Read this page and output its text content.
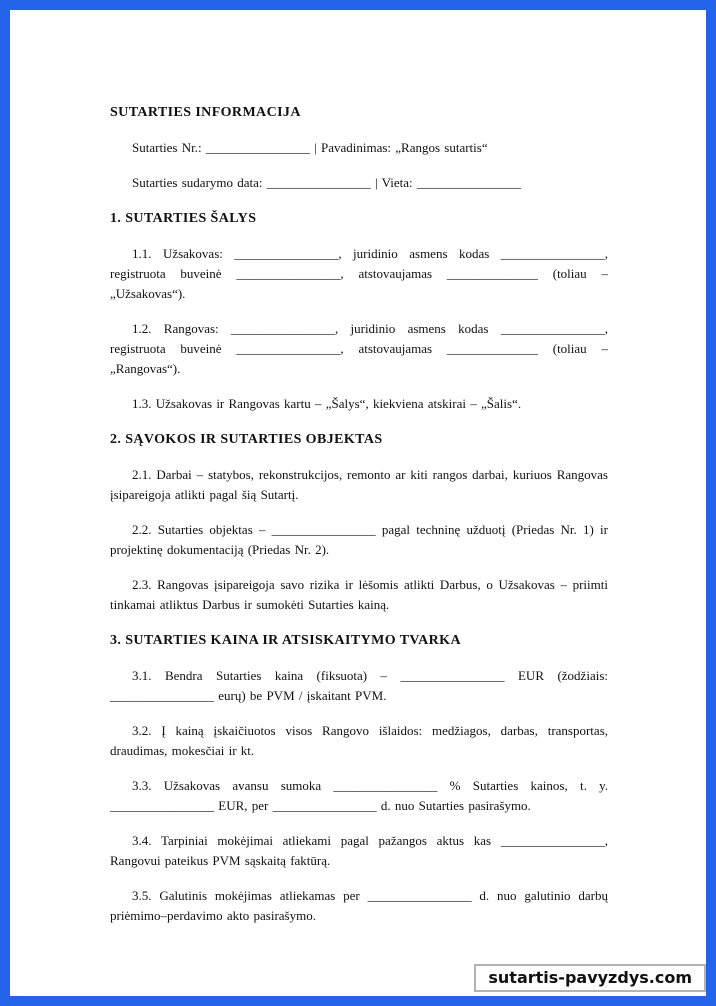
SUTARTIES INFORMACIJA

Sutarties Nr.: ________________ | Pavadinimas: „Rangos sutartis“

Sutarties sudarymo data: ________________ | Vieta: ________________

1. SUTARTIES ŠALYS

1.1. Užsakovas: ________________, juridinio asmens kodas ________________, registruota buveinė ________________, atstovaujamas ______________ (toliau – „Užsakovas“).

1.2. Rangovas: ________________, juridinio asmens kodas ________________, registruota buveinė ________________, atstovaujamas ______________ (toliau – „Rangovas“).

1.3. Užsakovas ir Rangovas kartu – „Šalys“, kiekviena atskirai – „Šalis“.

2. SĄVOKOS IR SUTARTIES OBJEKTAS

2.1. Darbai – statybos, rekonstrukcijos, remonto ar kiti rangos darbai, kuriuos Rangovas įsipareigoja atlikti pagal šią Sutartį.

2.2. Sutarties objektas – ________________ pagal techninę užduotį (Priedas Nr. 1) ir projektinę dokumentaciją (Priedas Nr. 2).

2.3. Rangovas įsipareigoja savo rizika ir lėšomis atlikti Darbus, o Užsakovas – priimti tinkamai atliktus Darbus ir sumokėti Sutarties kainą.

3. SUTARTIES KAINA IR ATSISKAITYMO TVARKA

3.1. Bendra Sutarties kaina (fiksuota) – ________________ EUR (žodžiais: ________________ eurų) be PVM / įskaitant PVM.

3.2. Į kainą įskaičiuotos visos Rangovo išlaidos: medžiagos, darbas, transportas, draudimas, mokesčiai ir kt.

3.3. Užsakovas avansu sumoka ________________ % Sutarties kainos, t. y. ________________ EUR, per ________________ d. nuo Sutarties pasirašymo.

3.4. Tarpiniai mokėjimai atliekami pagal pažangos aktus kas ________________, Rangovui pateikus PVM sąskaitą faktūrą.

3.5. Galutinis mokėjimas atliekamas per ________________ d. nuo galutinio darbų priėmimo–perdavimo akto pasirašymo.

sutartis-pavyzdys.com
